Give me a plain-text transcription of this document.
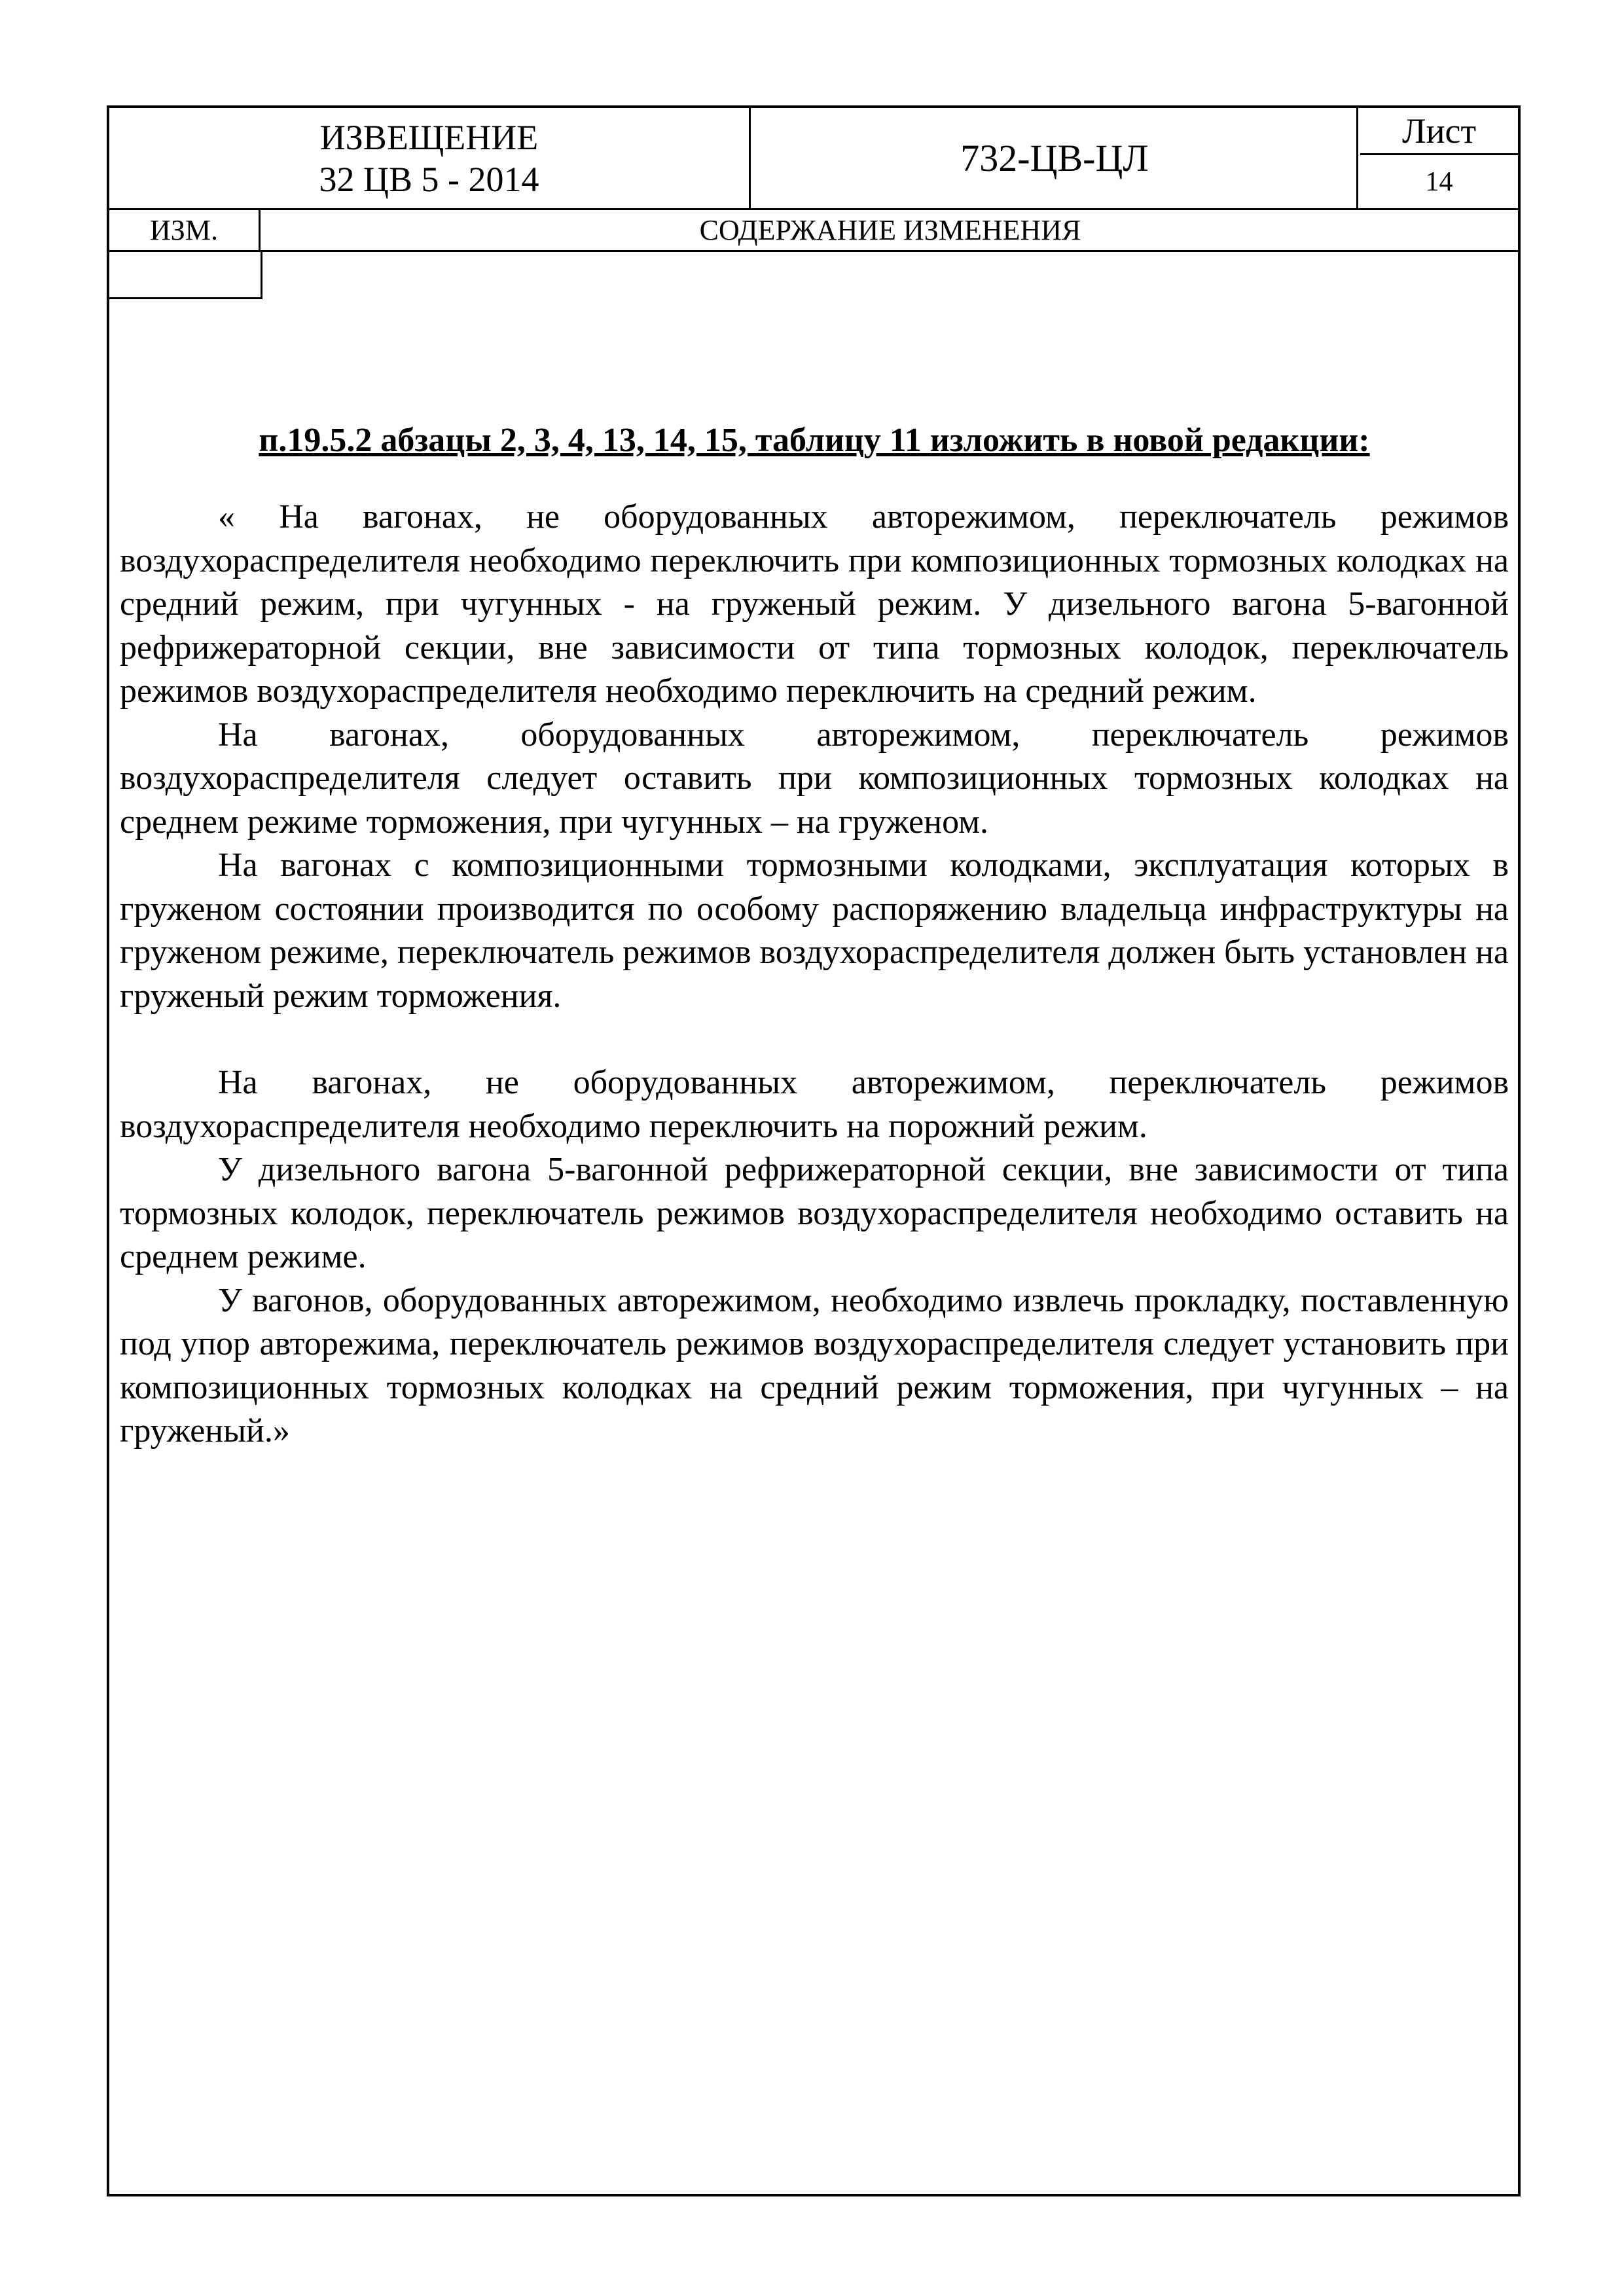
ИЗВЕЩЕНИЕ
32 ЦВ 5 - 2014	732-ЦВ-ЦЛ
Лист
14
ИЗМ.	СОДЕРЖАНИЕ ИЗМЕНЕНИЯ
п.19.5.2 абзацы 2, 3, 4, 13, 14, 15, таблицу 11 изложить в новой редакции:

« На вагонах, не оборудованных авторежимом, переключатель режимов воздухораспределителя необходимо переключить при композиционных тормозных колодках на средний режим, при чугунных - на груженый режим. У дизельного вагона 5-вагонной рефрижераторной секции, вне зависимости от типа тормозных колодок, переключатель режимов воздухораспределителя необходимо переключить на средний режим.

На вагонах, оборудованных авторежимом, переключатель режимов воздухораспределителя следует оставить при композиционных тормозных колодках на среднем режиме торможения, при чугунных – на груженом.

На вагонах с композиционными тормозными колодками, эксплуатация которых в груженом состоянии производится по особому распоряжению владельца инфраструктуры на груженом режиме, переключатель режимов воздухораспределителя должен быть установлен на груженый режим торможения.

На вагонах, не оборудованных авторежимом, переключатель режимов воздухораспределителя необходимо переключить на порожний режим.

У дизельного вагона 5-вагонной рефрижераторной секции, вне зависимости от типа тормозных колодок, переключатель режимов воздухораспределителя необходимо оставить на среднем режиме.

У вагонов, оборудованных авторежимом, необходимо извлечь прокладку, поставленную под упор авторежима, переключатель режимов воздухораспределителя следует установить при композиционных тормозных колодках на средний режим торможения, при чугунных – на груженый.»
